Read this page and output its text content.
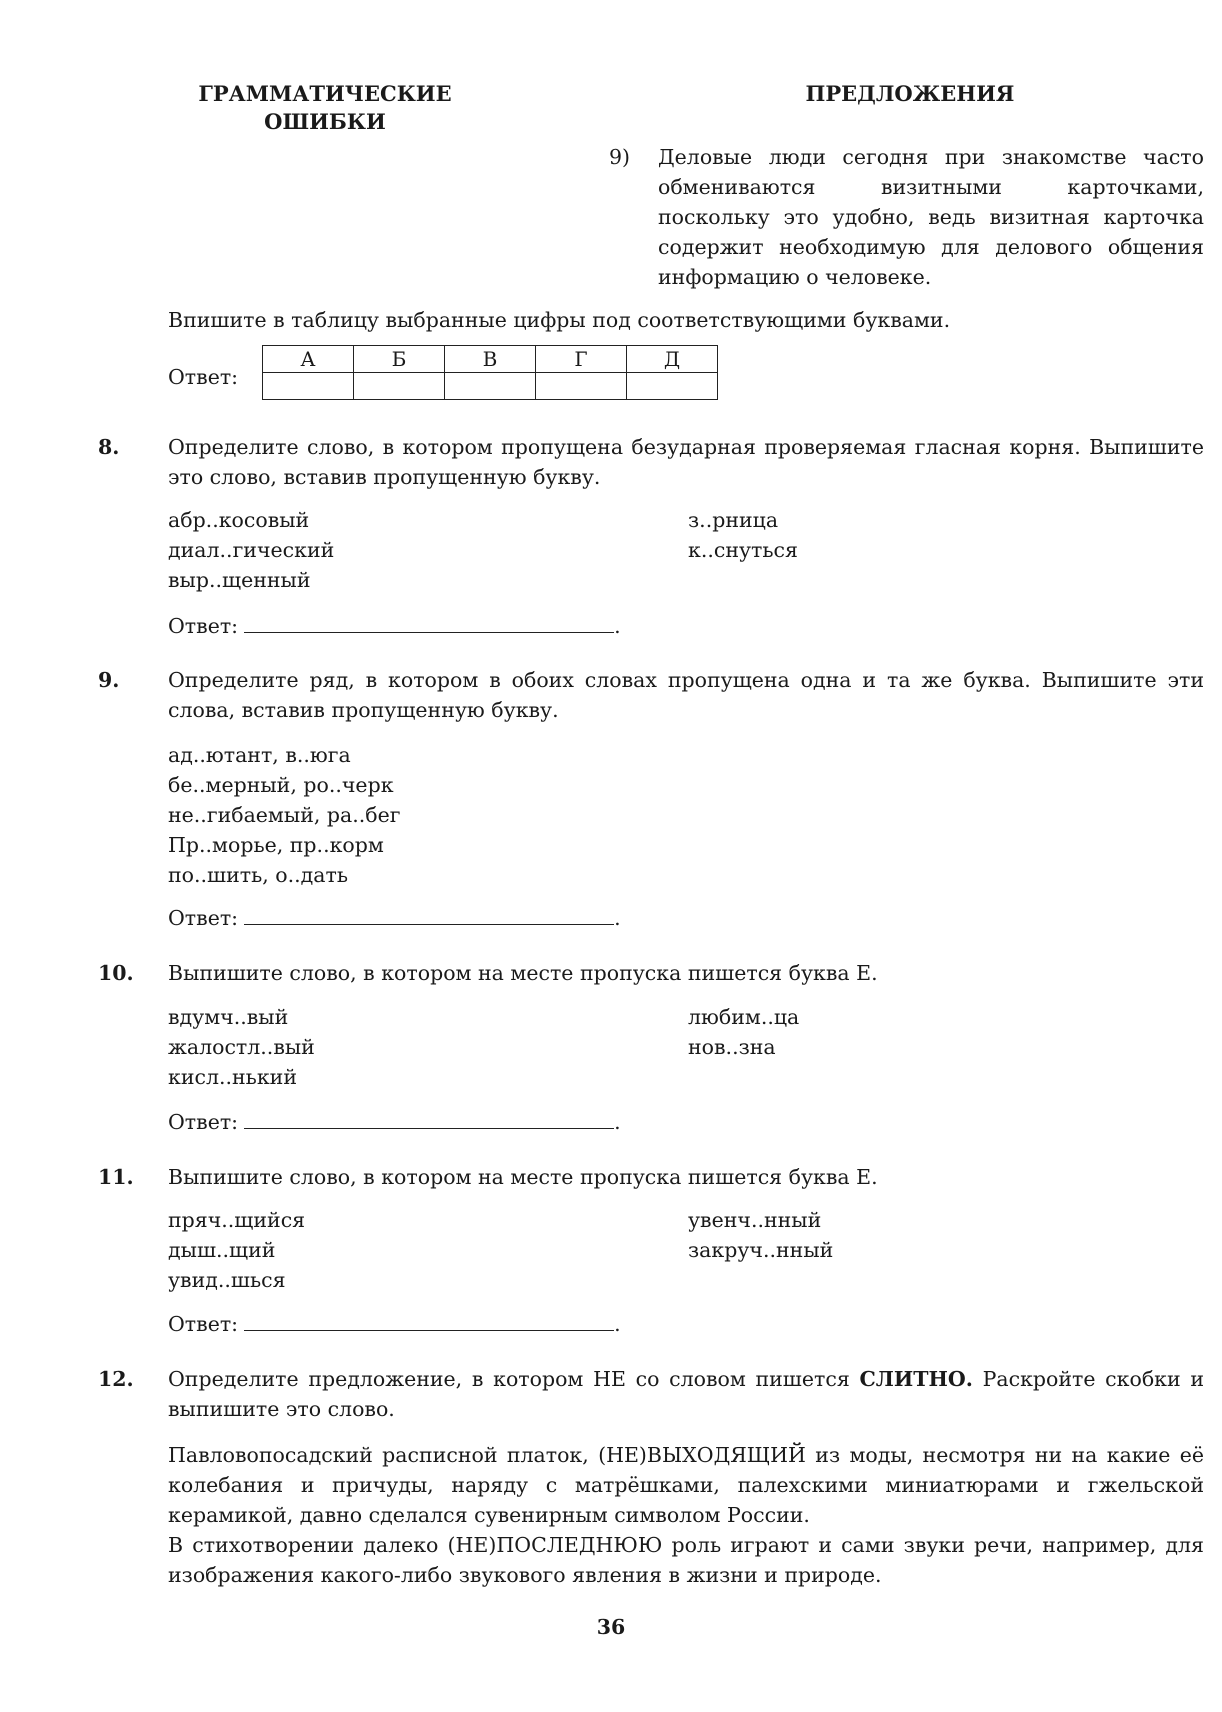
ГРАММАТИЧЕСКИЕ
ОШИБКИ
ПРЕДЛОЖЕНИЯ
9) Деловые люди сегодня при знакомстве часто обмениваются визитными карточками, поскольку это удобно, ведь визитная карточка содержит необходимую для делового общения информацию о человеке.
Впишите в таблицу выбранные цифры под соответствующими буквами.
Ответ:
А	Б	В	Г	Д

8. Определите слово, в котором пропущена безударная проверяемая гласная корня. Выпишите это слово, вставив пропущенную букву.
абр..косовый
диал..гический
выр..щенный
з..рница
к..снуться
Ответ:	.
9. Определите ряд, в котором в обоих словах пропущена одна и та же буква. Выпишите эти слова, вставив пропущенную букву.
ад..ютант, в..юга
бе..мерный, ро..черк
не..гибаемый, ра..бег
Пр..морье, пр..корм
по..шить, о..дать
Ответ:	.
10. Выпишите слово, в котором на месте пропуска пишется буква Е.
вдумч..вый
жалостл..вый
кисл..нький
любим..ца
нов..зна
Ответ:	.
11. Выпишите слово, в котором на месте пропуска пишется буква Е.
пряч..щийся
дыш..щий
увид..шься
увенч..нный
закруч..нный
Ответ:	.
12. Определите предложение, в котором НЕ со словом пишется СЛИТНО. Раскройте скобки и выпишите это слово.
Павловопосадский расписной платок, (НЕ)ВЫХОДЯЩИЙ из моды, несмотря ни на какие её колебания и причуды, наряду с матрёшками, палехскими миниатюрами и гжельской керамикой, давно сделался сувенирным символом России.
В стихотворении далеко (НЕ)ПОСЛЕДНЮЮ роль играют и сами звуки речи, например, для изображения какого-либо звукового явления в жизни и природе.
36
